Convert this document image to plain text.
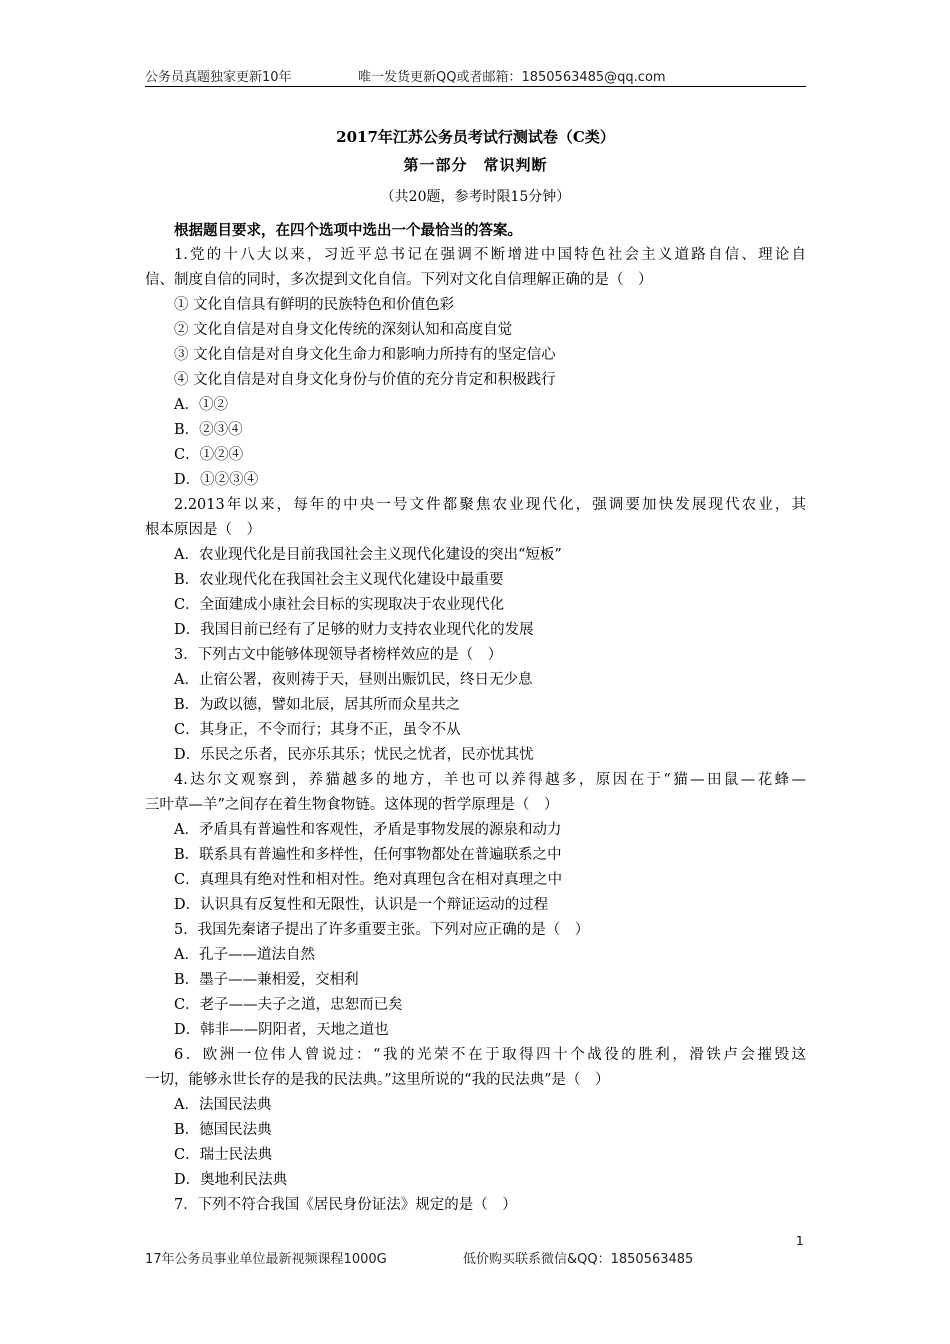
公务员真题独家更新10年	唯一发货更新QQ或者邮箱：1850563485@qq.com
2017年江苏公务员考试行测试卷（C类）
第一部分　常识判断
（共20题，参考时限15分钟）
根据题目要求，在四个选项中选出一个最恰当的答案。
1.党的十八大以来，习近平总书记在强调不断增进中国特色社会主义道路自信、理论自
信、制度自信的同时，多次提到文化自信。下列对文化自信理解正确的是（　）
① 文化自信具有鲜明的民族特色和价值色彩
② 文化自信是对自身文化传统的深刻认知和高度自觉
③ 文化自信是对自身文化生命力和影响力所持有的坚定信心
④ 文化自信是对自身文化身份与价值的充分肯定和积极践行
A．①②
B．②③④
C．①②④
D．①②③④
2.2013年以来，每年的中央一号文件都聚焦农业现代化，强调要加快发展现代农业，其
根本原因是（　）
A．农业现代化是目前我国社会主义现代化建设的突出“短板”
B．农业现代化在我国社会主义现代化建设中最重要
C．全面建成小康社会目标的实现取决于农业现代化
D．我国目前已经有了足够的财力支持农业现代化的发展
3．下列古文中能够体现领导者榜样效应的是（　）
A．止宿公署，夜则祷于天，昼则出赈饥民，终日无少息
B．为政以德，譬如北辰，居其所而众星共之
C．其身正，不令而行；其身不正，虽令不从
D．乐民之乐者，民亦乐其乐；忧民之忧者，民亦忧其忧
4.达尔文观察到，养猫越多的地方，羊也可以养得越多，原因在于“猫—田鼠—花蜂—
三叶草—羊”之间存在着生物食物链。这体现的哲学原理是（　）
A．矛盾具有普遍性和客观性，矛盾是事物发展的源泉和动力
B．联系具有普遍性和多样性，任何事物都处在普遍联系之中
C．真理具有绝对性和相对性。绝对真理包含在相对真理之中
D．认识具有反复性和无限性，认识是一个辩证运动的过程
5．我国先秦诸子提出了许多重要主张。下列对应正确的是（　）
A．孔子——道法自然
B．墨子——兼相爱，交相利
C．老子——夫子之道，忠恕而已矣
D．韩非——阴阳者，天地之道也
6．欧洲一位伟人曾说过：“我的光荣不在于取得四十个战役的胜利，滑铁卢会摧毁这
一切，能够永世长存的是我的民法典。”这里所说的“我的民法典”是（　）
A．法国民法典
B．德国民法典
C．瑞士民法典
D．奥地利民法典
7．下列不符合我国《居民身份证法》规定的是（　）
1
17年公务员事业单位最新视频课程1000G	低价购买联系微信&QQ：1850563485
